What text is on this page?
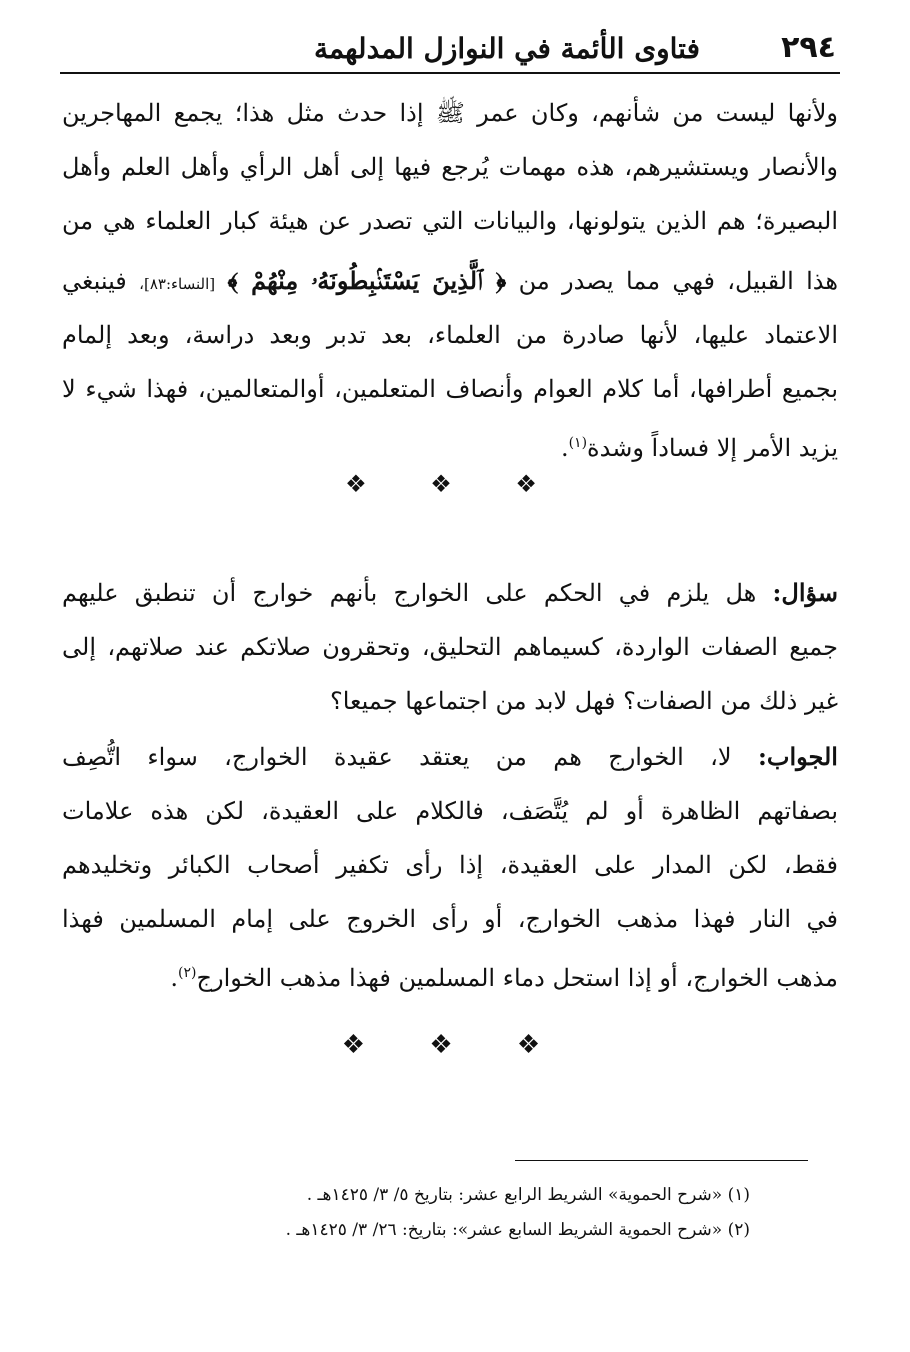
٢٩٤
فتاوى الأئمة في النوازل المدلهمة
ولأنها ليست من شأنهم، وكان عمر ﷺ إذا حدث مثل هذا؛ يجمع المهاجرين
والأنصار ويستشيرهم، هذه مهمات يُرجع فيها إلى أهل الرأي وأهل العلم وأهل
البصيرة؛ هم الذين يتولونها، والبيانات التي تصدر عن هيئة كبار العلماء هي من
هذا القبيل، فهي مما يصدر من ﴿ ٱلَّذِينَ يَسْتَنۢبِطُونَهُۥ مِنْهُمْ ﴾ [النساء:٨٣]، فينبغي
الاعتماد عليها، لأنها صادرة من العلماء، بعد تدبر وبعد دراسة، وبعد إلمام
بجميع أطرافها، أما كلام العوام وأنصاف المتعلمين، أوالمتعالمين، فهذا شيء لا
يزيد الأمر إلا فساداً وشدة$^{(١)}$.
❖ ❖ ❖
سؤال: هل يلزم في الحكم على الخوارج بأنهم خوارج أن تنطبق عليهم
جميع الصفات الواردة، كسيماهم التحليق، وتحقرون صلاتكم عند صلاتهم، إلى
غير ذلك من الصفات؟ فهل لابد من اجتماعها جميعا؟
الجواب: لا، الخوارج هم من يعتقد عقيدة الخوارج، سواء اتُّصِف
بصفاتهم الظاهرة أو لم يُتَّصَف، فالكلام على العقيدة، لكن هذه علامات
فقط، لكن المدار على العقيدة، إذا رأى تكفير أصحاب الكبائر وتخليدهم
في النار فهذا مذهب الخوارج، أو رأى الخروج على إمام المسلمين فهذا
مذهب الخوارج، أو إذا استحل دماء المسلمين فهذا مذهب الخوارج$^{(٢)}$.
❖ ❖ ❖
(١) «شرح الحموية» الشريط الرابع عشر: بتاريخ ٥/ ٣/ ١٤٢٥هـ .
(٢) «شرح الحموية الشريط السابع عشر»: بتاريخ: ٢٦/ ٣/ ١٤٢٥هـ .
